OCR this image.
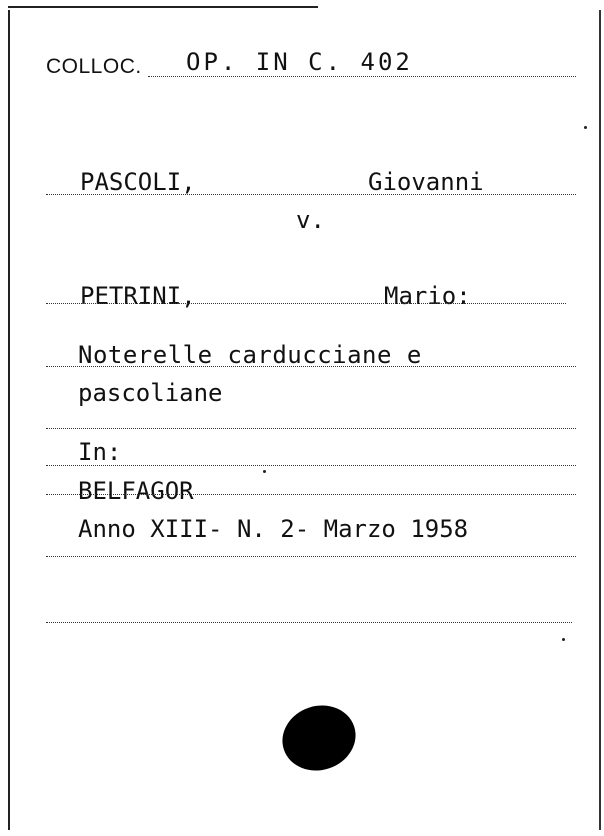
COLLOC. OP. IN C. 402
PASCOLI,	Giovanni
v.
PETRINI,	Mario:
Noterelle carducciane e
pascoliane
In:
BELFAGOR
Anno XIII- N. 2- Marzo 1958
